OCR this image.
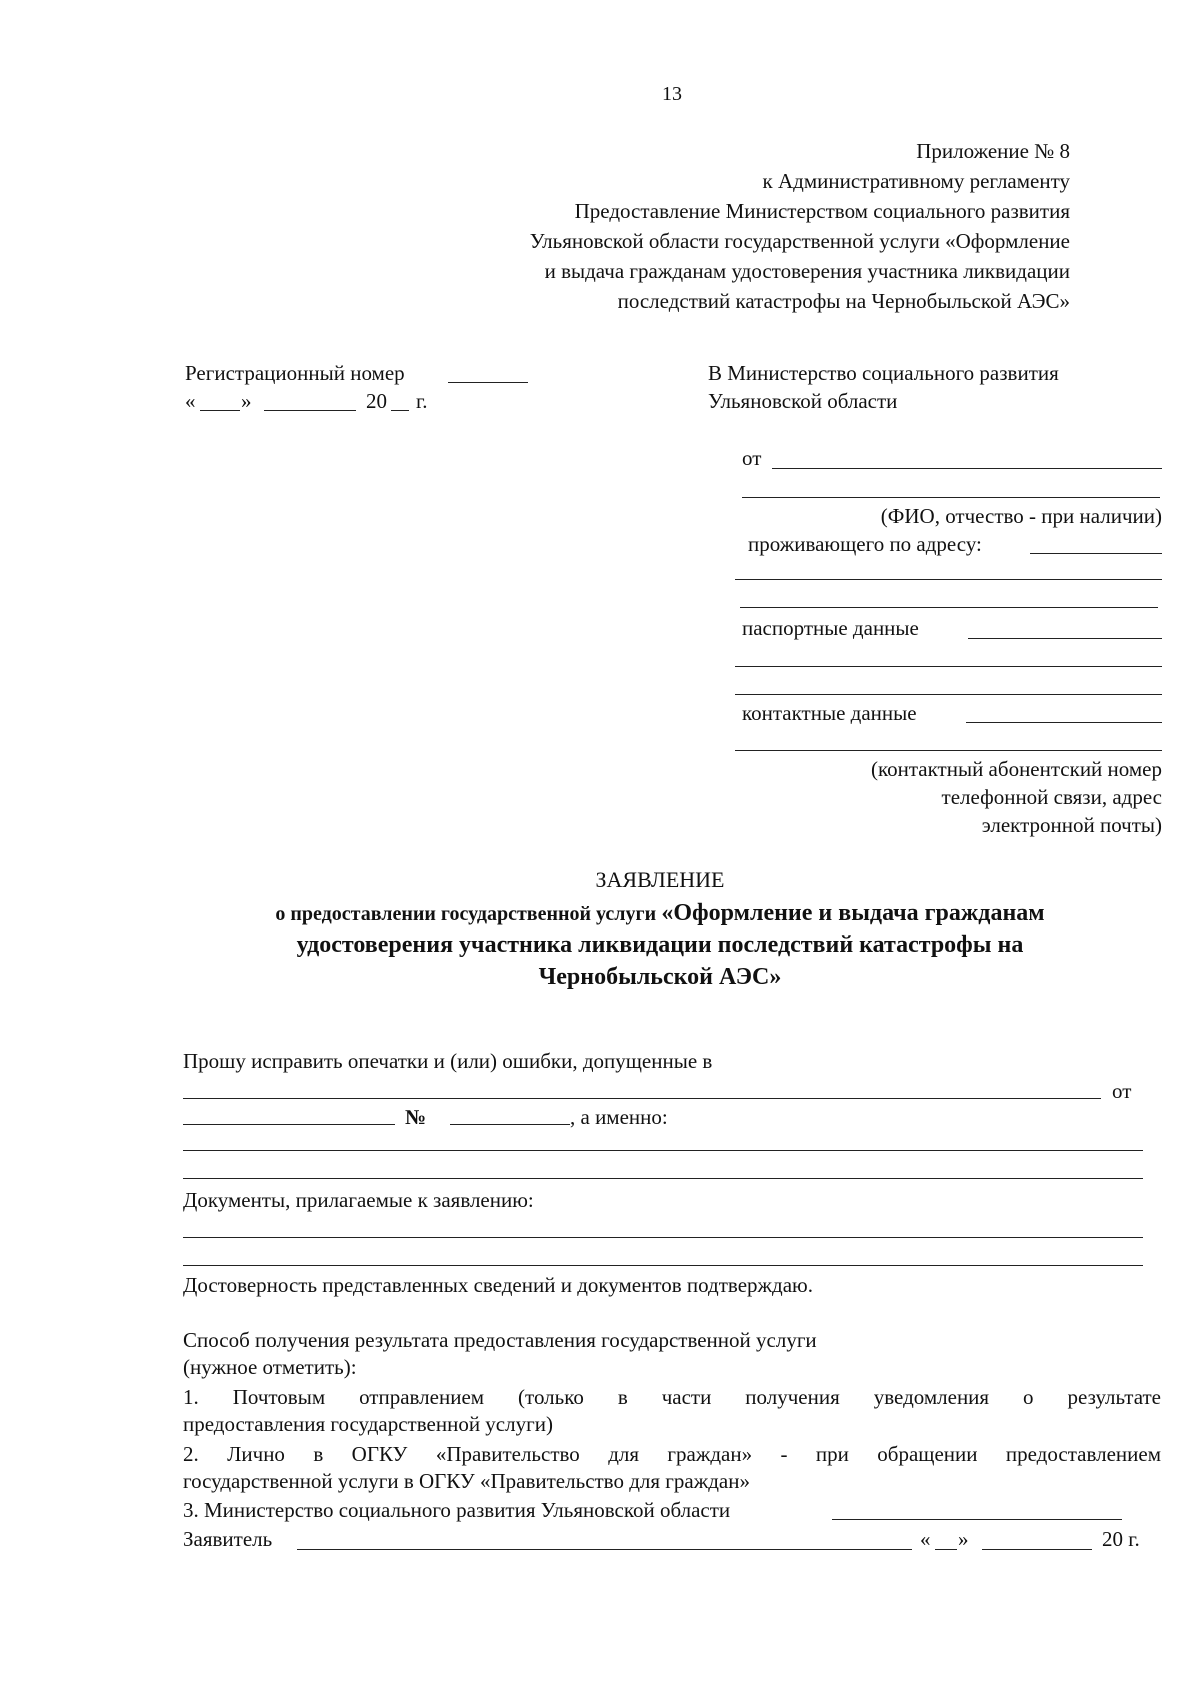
13
Приложение № 8
к Административному регламенту
Предоставление Министерством социального развития
Ульяновской области государственной услуги «Оформление
и выдача гражданам удостоверения участника ликвидации
последствий катастрофы на Чернобыльской АЭС»
Регистрационный номер
« »	20 г.
В Министерство социального развития
Ульяновской области
от
(ФИО, отчество - при наличии)
проживающего по адресу:
паспортные данные
контактные данные
(контактный абонентский номер
телефонной связи, адрес
электронной почты)
ЗАЯВЛЕНИЕ
о предоставлении государственной услуги «Оформление и выдача гражданам
удостоверения участника ликвидации последствий катастрофы на
Чернобыльской АЭС»
Прошу исправить опечатки и (или) ошибки, допущенные в
от
№	, а именно:
Документы, прилагаемые к заявлению:
Достоверность представленных сведений и документов подтверждаю.
Способ получения результата предоставления государственной услуги
(нужное отметить):
1. Почтовым отправлением (только в части получения уведомления о результате
предоставления государственной услуги)
2. Лично в ОГКУ «Правительство для граждан» - при обращении предоставлением
государственной услуги в ОГКУ «Правительство для граждан»
3. Министерство социального развития Ульяновской области
Заявитель	« »	20 г.
